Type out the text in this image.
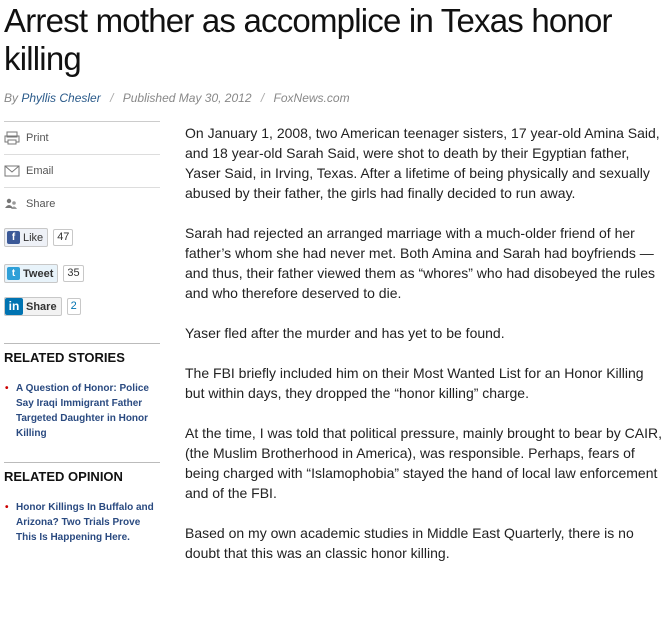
Arrest mother as accomplice in Texas honor killing
By Phyllis Chesler / Published May 30, 2012 / FoxNews.com
Print
Email
Share
f Like 47
t Tweet 35
in Share 2
RELATED STORIES
• A Question of Honor: Police Say Iraqi Immigrant Father Targeted Daughter in Honor Killing
RELATED OPINION
• Honor Killings In Buffalo and Arizona? Two Trials Prove This Is Happening Here.

On January 1, 2008, two American teenager sisters, 17 year-old Amina Said, and 18 year-old Sarah Said, were shot to death by their Egyptian father, Yaser Said, in Irving, Texas. After a lifetime of being physically and sexually abused by their father, the girls had finally decided to run away.

Sarah had rejected an arranged marriage with a much-older friend of her father’s whom she had never met. Both Amina and Sarah had boyfriends —and thus, their father viewed them as “whores” who had disobeyed the rules and who therefore deserved to die.

Yaser fled after the murder and has yet to be found.

The FBI briefly included him on their Most Wanted List for an Honor Killing but within days, they dropped the “honor killing” charge.

At the time, I was told that political pressure, mainly brought to bear by CAIR, (the Muslim Brotherhood in America), was responsible. Perhaps, fears of being charged with “Islamophobia” stayed the hand of local law enforcement and of the FBI.

Based on my own academic studies in Middle East Quarterly, there is no doubt that this was an classic honor killing.
